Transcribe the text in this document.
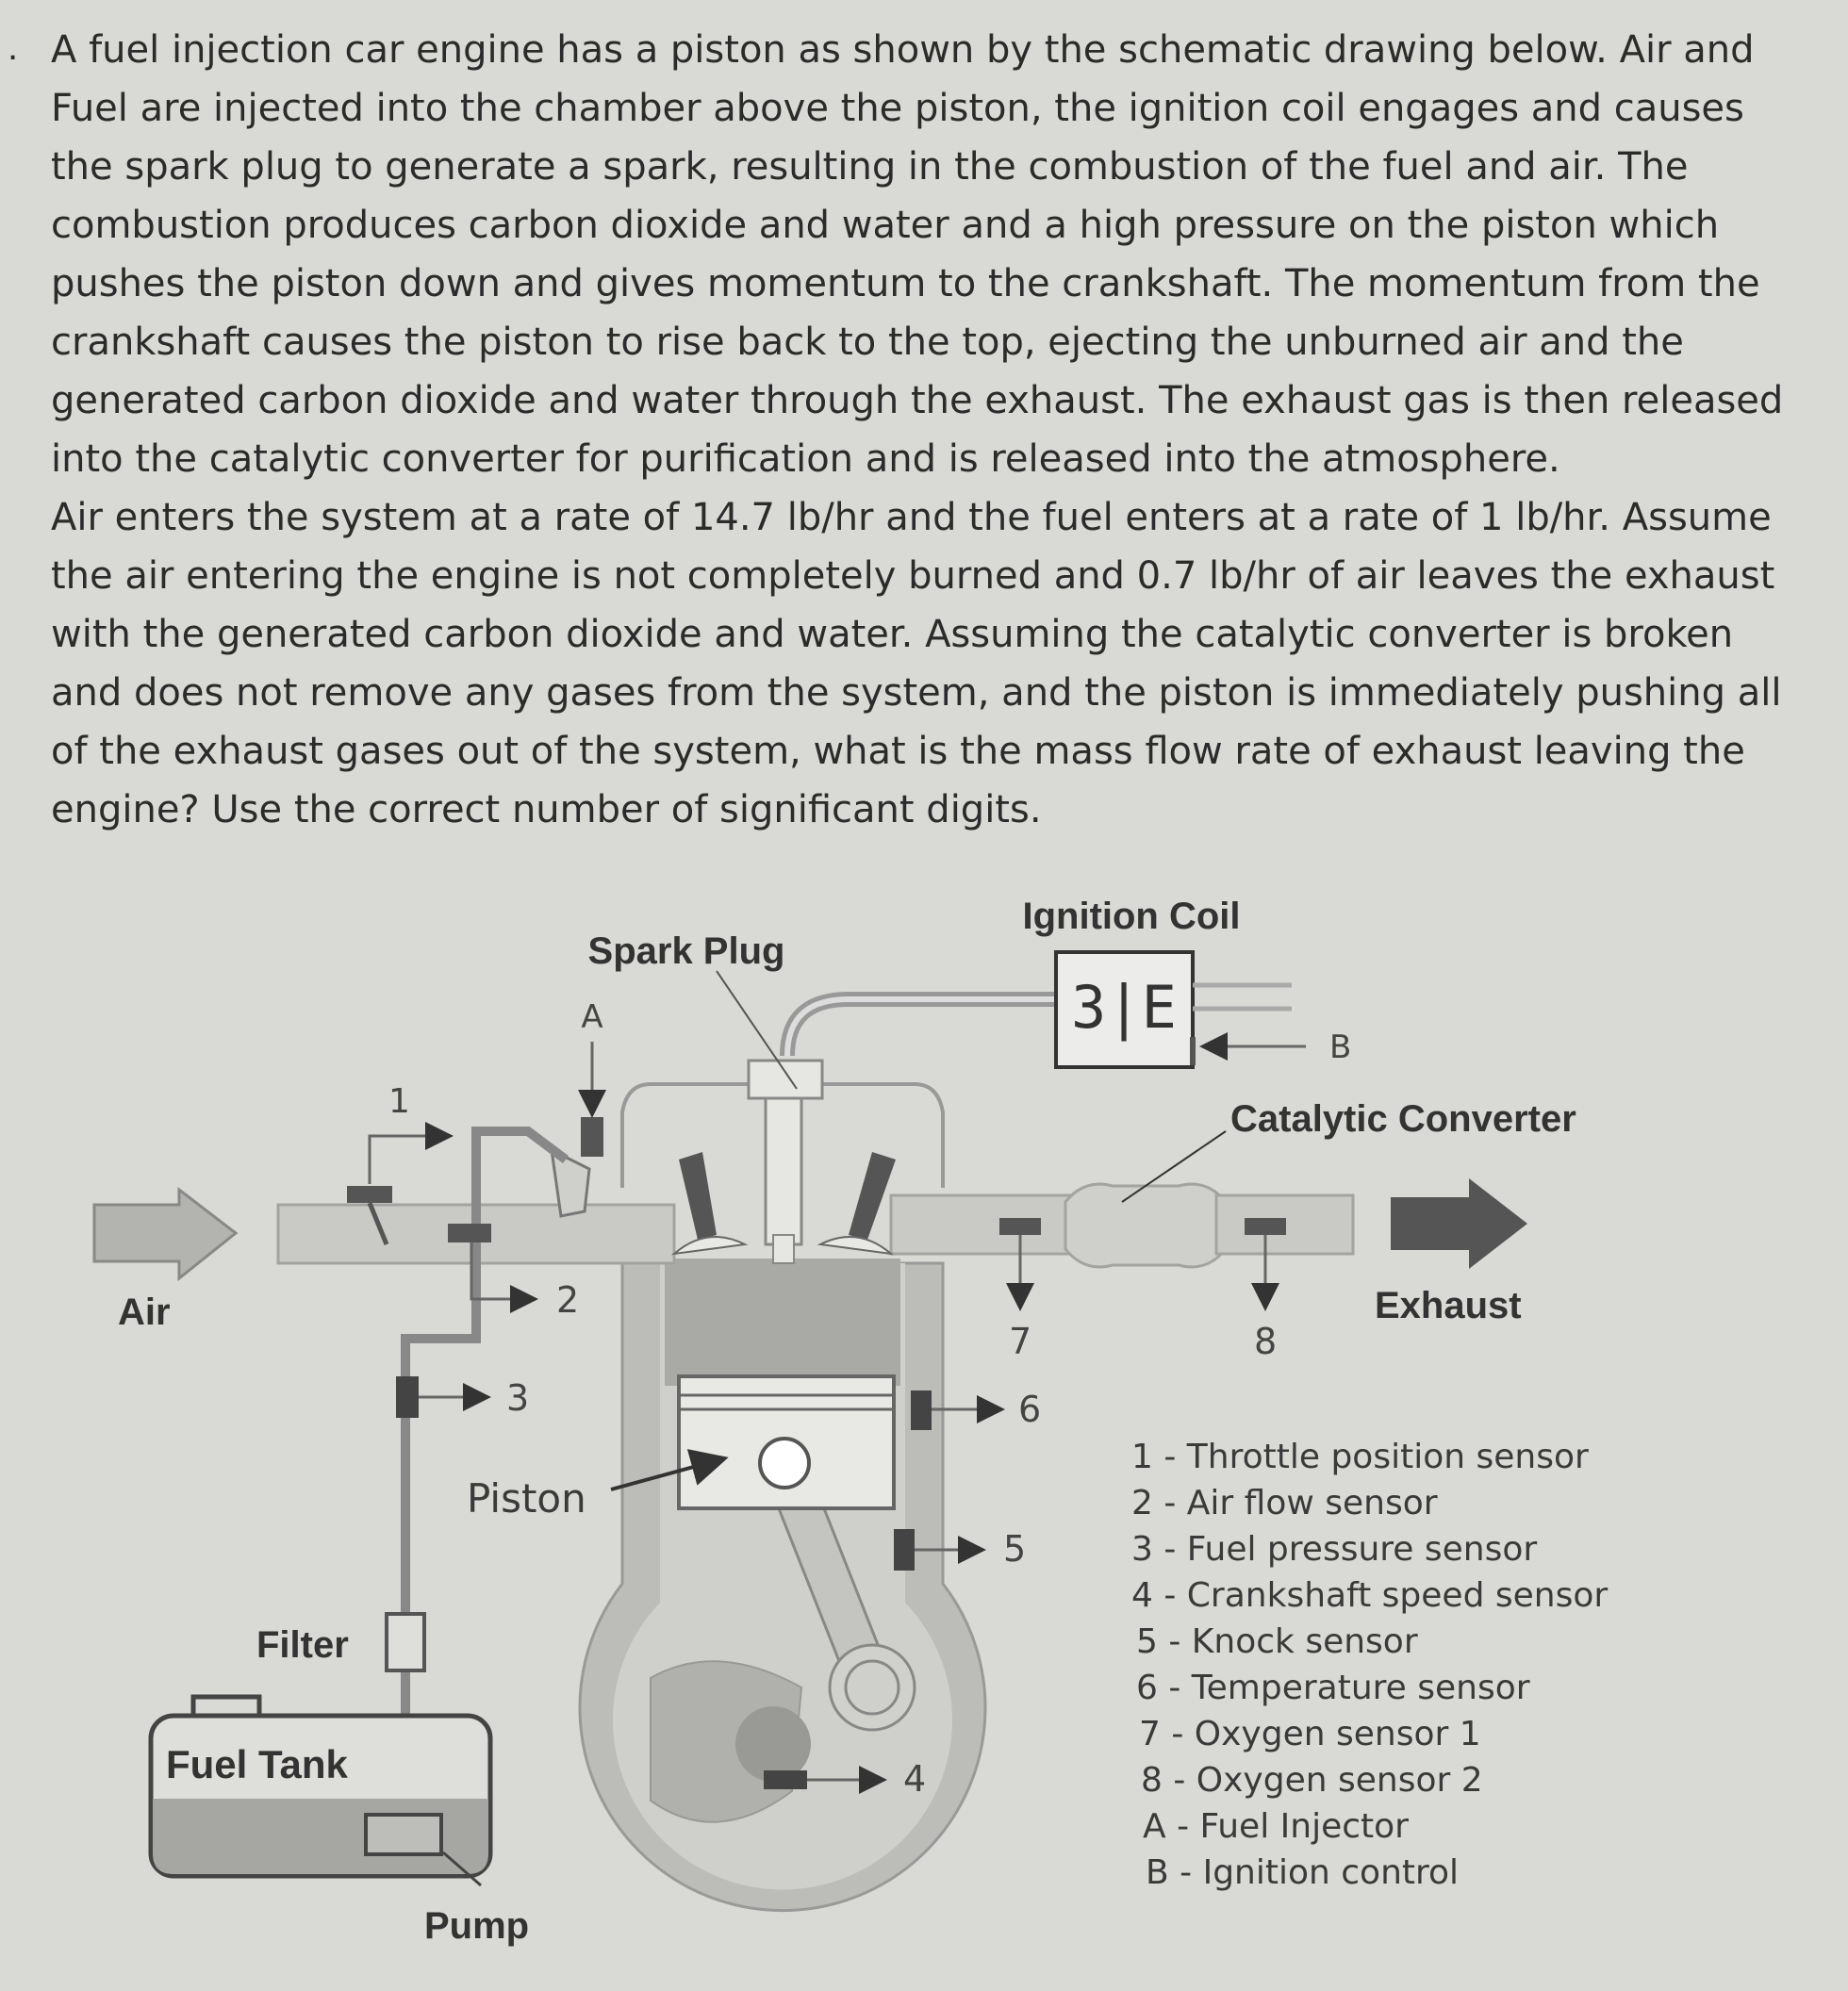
. A fuel injection car engine has a piston as shown by the schematic drawing below. Air and Fuel are injected into the chamber above the piston, the ignition coil engages and causes the spark plug to generate a spark, resulting in the combustion of the fuel and air. The combustion produces carbon dioxide and water and a high pressure on the piston which pushes the piston down and gives momentum to the crankshaft. The momentum from the crankshaft causes the piston to rise back to the top, ejecting the unburned air and the generated carbon dioxide and water through the exhaust. The exhaust gas is then released into the catalytic converter for purification and is released into the atmosphere.

Air enters the system at a rate of 14.7 lb/hr and the fuel enters at a rate of 1 lb/hr. Assume the air entering the engine is not completely burned and 0.7 lb/hr of air leaves the exhaust with the generated carbon dioxide and water. Assuming the catalytic converter is broken and does not remove any gases from the system, and the piston is immediately pushing all of the exhaust gases out of the system, what is the mass flow rate of exhaust leaving the engine? Use the correct number of significant digits.

3|E
Ignition Coil
Spark Plug
Catalytic Converter
Air	Exhaust
Piston
Filter
Fuel Tank
Pump
A
B
1
2
3
4
5
6
7	8
1 - Throttle position sensor
2 - Air flow sensor
3 - Fuel pressure sensor
4 - Crankshaft speed sensor
5 - Knock sensor
6 - Temperature sensor
7 - Oxygen sensor 1
8 - Oxygen sensor 2
A - Fuel Injector
B - Ignition control
